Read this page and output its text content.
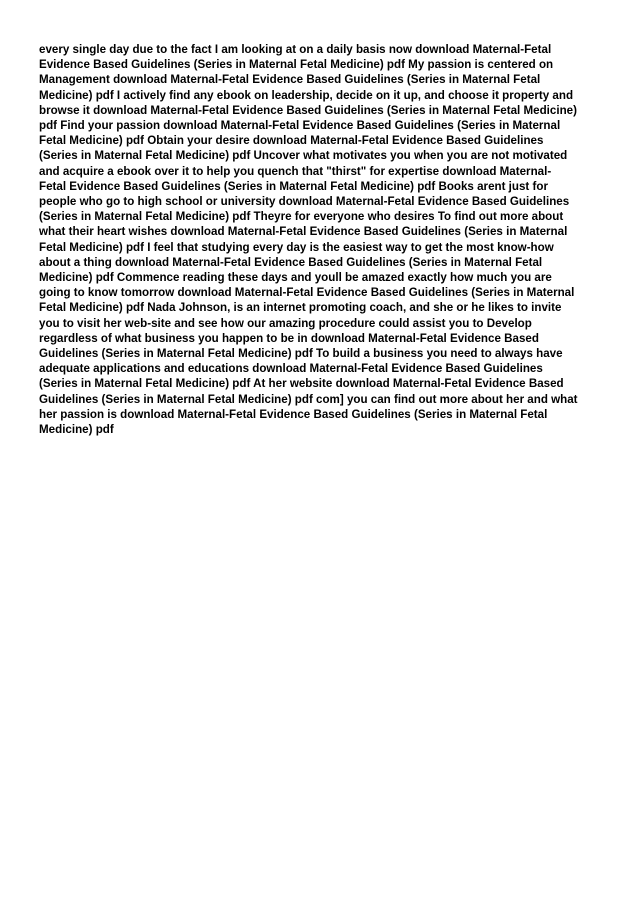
every single day due to the fact I am looking at on a daily basis now download Maternal-Fetal
Evidence Based Guidelines (Series in Maternal Fetal Medicine) pdf My passion is centered on
Management download Maternal-Fetal Evidence Based Guidelines (Series in Maternal Fetal
Medicine) pdf I actively find any ebook on leadership, decide on it up, and choose it property and
browse it download Maternal-Fetal Evidence Based Guidelines (Series in Maternal Fetal Medicine)
pdf Find your passion download Maternal-Fetal Evidence Based Guidelines (Series in Maternal
Fetal Medicine) pdf Obtain your desire download Maternal-Fetal Evidence Based Guidelines
(Series in Maternal Fetal Medicine) pdf Uncover what motivates you when you are not motivated
and acquire a ebook over it to help you quench that "thirst" for expertise download Maternal-
Fetal Evidence Based Guidelines (Series in Maternal Fetal Medicine) pdf Books arent just for
people who go to high school or university download Maternal-Fetal Evidence Based Guidelines
(Series in Maternal Fetal Medicine) pdf Theyre for everyone who desires To find out more about
what their heart wishes download Maternal-Fetal Evidence Based Guidelines (Series in Maternal
Fetal Medicine) pdf I feel that studying every day is the easiest way to get the most know-how
about a thing download Maternal-Fetal Evidence Based Guidelines (Series in Maternal Fetal
Medicine) pdf Commence reading these days and youll be amazed exactly how much you are
going to know tomorrow download Maternal-Fetal Evidence Based Guidelines (Series in Maternal
Fetal Medicine) pdf Nada Johnson, is an internet promoting coach, and she or he likes to invite
you to visit her web-site and see how our amazing procedure could assist you to Develop
regardless of what business you happen to be in download Maternal-Fetal Evidence Based
Guidelines (Series in Maternal Fetal Medicine) pdf To build a business you need to always have
adequate applications and educations download Maternal-Fetal Evidence Based Guidelines
(Series in Maternal Fetal Medicine) pdf At her website download Maternal-Fetal Evidence Based
Guidelines (Series in Maternal Fetal Medicine) pdf com] you can find out more about her and what
her passion is download Maternal-Fetal Evidence Based Guidelines (Series in Maternal Fetal
Medicine) pdf
